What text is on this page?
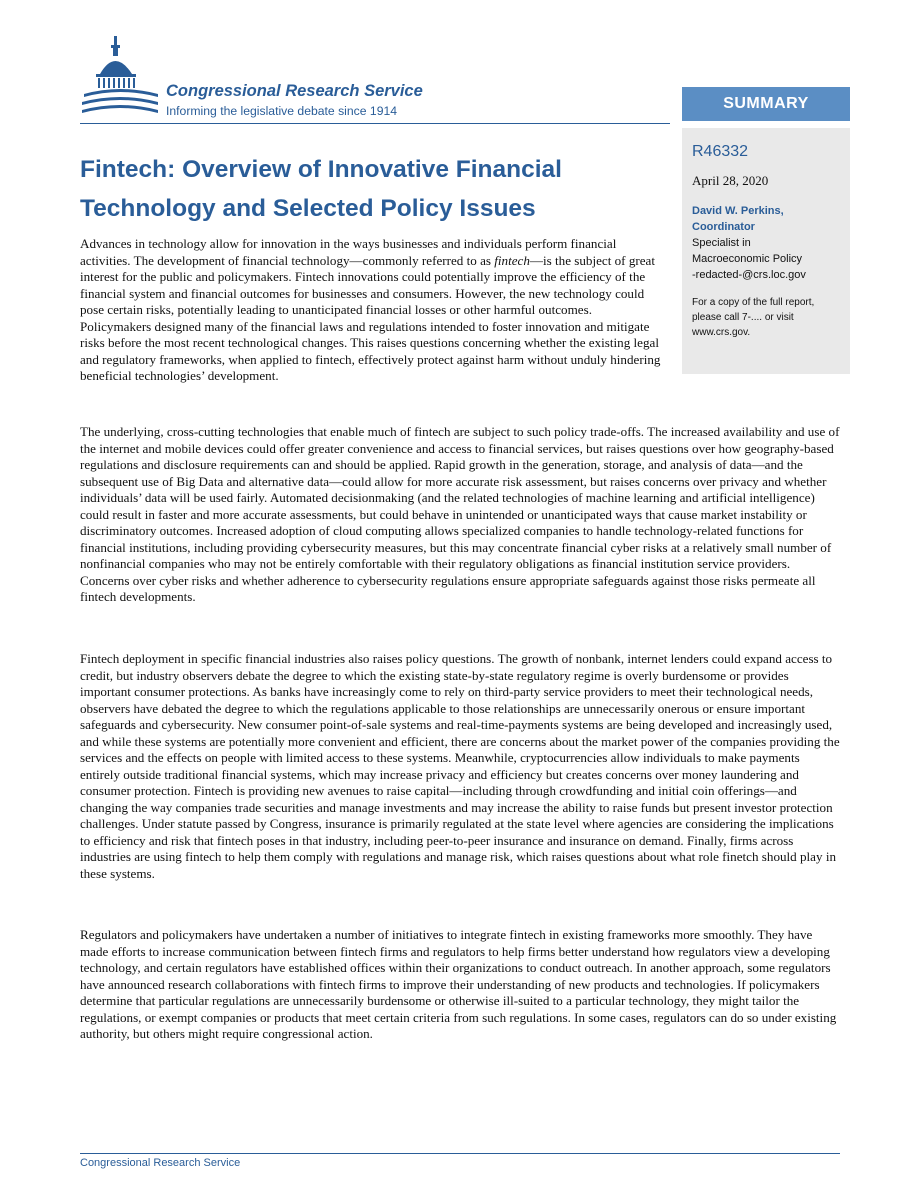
Congressional Research Service
Informing the legislative debate since 1914	SUMMARY
R46332
April 28, 2020
David W. Perkins,
Coordinator
Specialist in
Macroeconomic Policy
-redacted-@crs.loc.gov
For a copy of the full report,
please call 7-.... or visit
www.crs.gov.
Fintech: Overview of Innovative Financial Technology and Selected Policy Issues

Advances in technology allow for innovation in the ways businesses and individuals perform financial activities. The development of financial technology—commonly referred to as fintech—is the subject of great interest for the public and policymakers. Fintech innovations could potentially improve the efficiency of the financial system and financial outcomes for businesses and consumers. However, the new technology could pose certain risks, potentially leading to unanticipated financial losses or other harmful outcomes. Policymakers designed many of the financial laws and regulations intended to foster innovation and mitigate risks before the most recent technological changes. This raises questions concerning whether the existing legal and regulatory frameworks, when applied to fintech, effectively protect against harm without unduly hindering beneficial technologies’ development.

The underlying, cross-cutting technologies that enable much of fintech are subject to such policy trade-offs. The increased availability and use of the internet and mobile devices could offer greater convenience and access to financial services, but raises questions over how geography-based regulations and disclosure requirements can and should be applied. Rapid growth in the generation, storage, and analysis of data—and the subsequent use of Big Data and alternative data—could allow for more accurate risk assessment, but raises concerns over privacy and whether individuals’ data will be used fairly. Automated decisionmaking (and the related technologies of machine learning and artificial intelligence) could result in faster and more accurate assessments, but could behave in unintended or unanticipated ways that cause market instability or discriminatory outcomes. Increased adoption of cloud computing allows specialized companies to handle technology-related functions for financial institutions, including providing cybersecurity measures, but this may concentrate financial cyber risks at a relatively small number of nonfinancial companies who may not be entirely comfortable with their regulatory obligations as financial institution service providers. Concerns over cyber risks and whether adherence to cybersecurity regulations ensure appropriate safeguards against those risks permeate all fintech developments.

Fintech deployment in specific financial industries also raises policy questions. The growth of nonbank, internet lenders could expand access to credit, but industry observers debate the degree to which the existing state-by-state regulatory regime is overly burdensome or provides important consumer protections. As banks have increasingly come to rely on third-party service providers to meet their technological needs, observers have debated the degree to which the regulations applicable to those relationships are unnecessarily onerous or ensure important safeguards and cybersecurity. New consumer point-of-sale systems and real-time-payments systems are being developed and increasingly used, and while these systems are potentially more convenient and efficient, there are concerns about the market power of the companies providing the services and the effects on people with limited access to these systems. Meanwhile, cryptocurrencies allow individuals to make payments entirely outside traditional financial systems, which may increase privacy and efficiency but creates concerns over money laundering and consumer protection. Fintech is providing new avenues to raise capital—including through crowdfunding and initial coin offerings—and changing the way companies trade securities and manage investments and may increase the ability to raise funds but present investor protection challenges. Under statute passed by Congress, insurance is primarily regulated at the state level where agencies are considering the implications to efficiency and risk that fintech poses in that industry, including peer-to-peer insurance and insurance on demand. Finally, firms across industries are using fintech to help them comply with regulations and manage risk, which raises questions about what role finetch should play in these systems.

Regulators and policymakers have undertaken a number of initiatives to integrate fintech in existing frameworks more smoothly. They have made efforts to increase communication between fintech firms and regulators to help firms better understand how regulators view a developing technology, and certain regulators have established offices within their organizations to conduct outreach. In another approach, some regulators have announced research collaborations with fintech firms to improve their understanding of new products and technologies. If policymakers determine that particular regulations are unnecessarily burdensome or otherwise ill-suited to a particular technology, they might tailor the regulations, or exempt companies or products that meet certain criteria from such regulations. In some cases, regulators can do so under existing authority, but others might require congressional action.

Congressional Research Service
